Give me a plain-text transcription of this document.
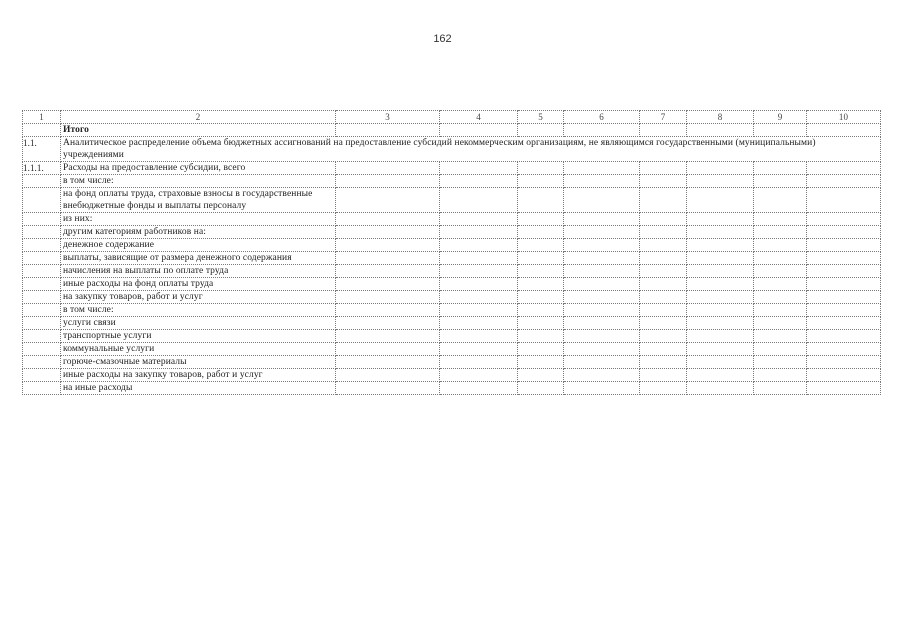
162
1	2	3	4	5	6	7	8	9	10
	Итого								
1.1.	Аналитическое распределение объема бюджетных ассигнований на предоставление субсидий некоммерческим организациям, не являющимся государственными (муниципальными) учреждениями								
1.1.1.	Расходы на предоставление субсидии, всего								
	в том числе:								
	на фонд оплаты труда, страховые взносы в государственные внебюджетные фонды и выплаты персоналу								
	из них:								
	другим категориям работников на:								
	денежное содержание								
	выплаты, зависящие от размера денежного содержания								
	начисления на выплаты по оплате труда								
	иные расходы на фонд оплаты труда								
	на закупку товаров, работ и услуг								
	в том числе:								
	услуги связи								
	транспортные услуги								
	коммунальные услуги								
	горюче-смазочные материалы								
	иные расходы на закупку товаров, работ и услуг								
	на иные расходы								
